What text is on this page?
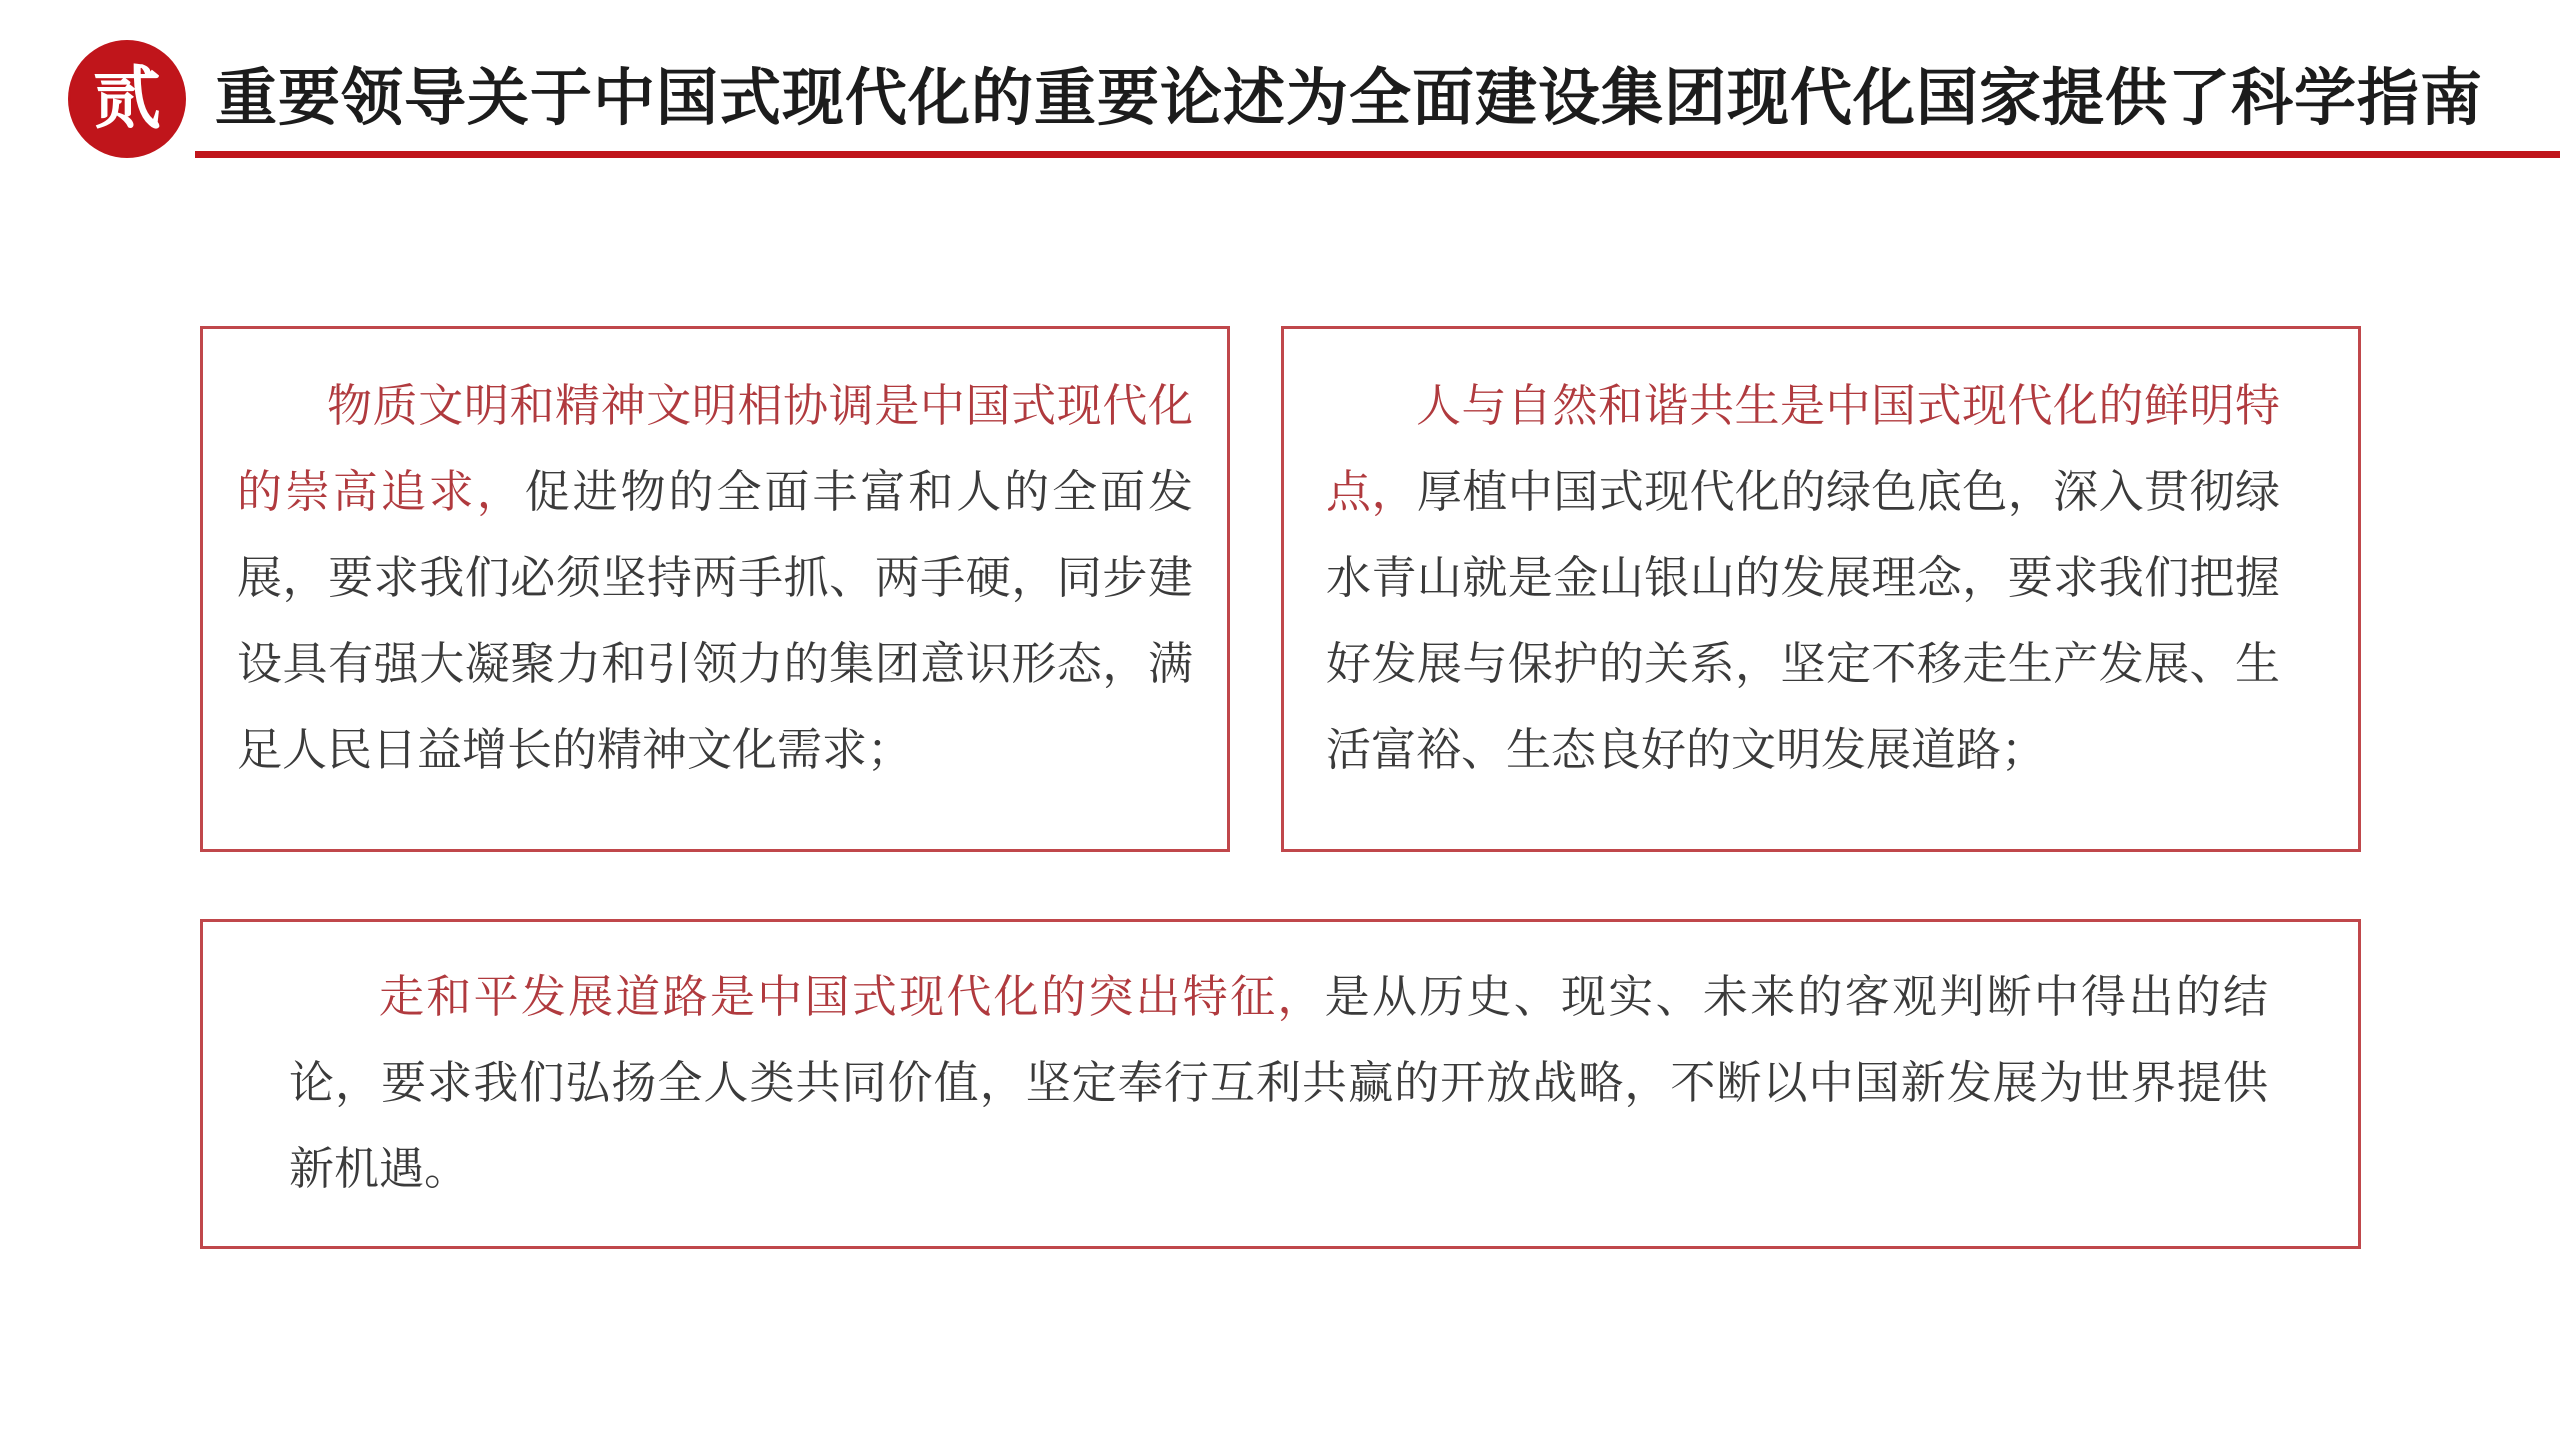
贰 重要领导关于中国式现代化的重要论述为全面建设集团现代化国家提供了科学指南

物质文明和精神文明相协调是中国式现代化的崇高追求，促进物的全面丰富和人的全面发展，要求我们必须坚持两手抓、两手硬，同步建设具有强大凝聚力和引领力的集团意识形态，满足人民日益增长的精神文化需求；

人与自然和谐共生是中国式现代化的鲜明特点，厚植中国式现代化的绿色底色，深入贯彻绿水青山就是金山银山的发展理念，要求我们把握好发展与保护的关系，坚定不移走生产发展、生活富裕、生态良好的文明发展道路；

走和平发展道路是中国式现代化的突出特征，是从历史、现实、未来的客观判断中得出的结论，要求我们弘扬全人类共同价值，坚定奉行互利共赢的开放战略，不断以中国新发展为世界提供新机遇。
